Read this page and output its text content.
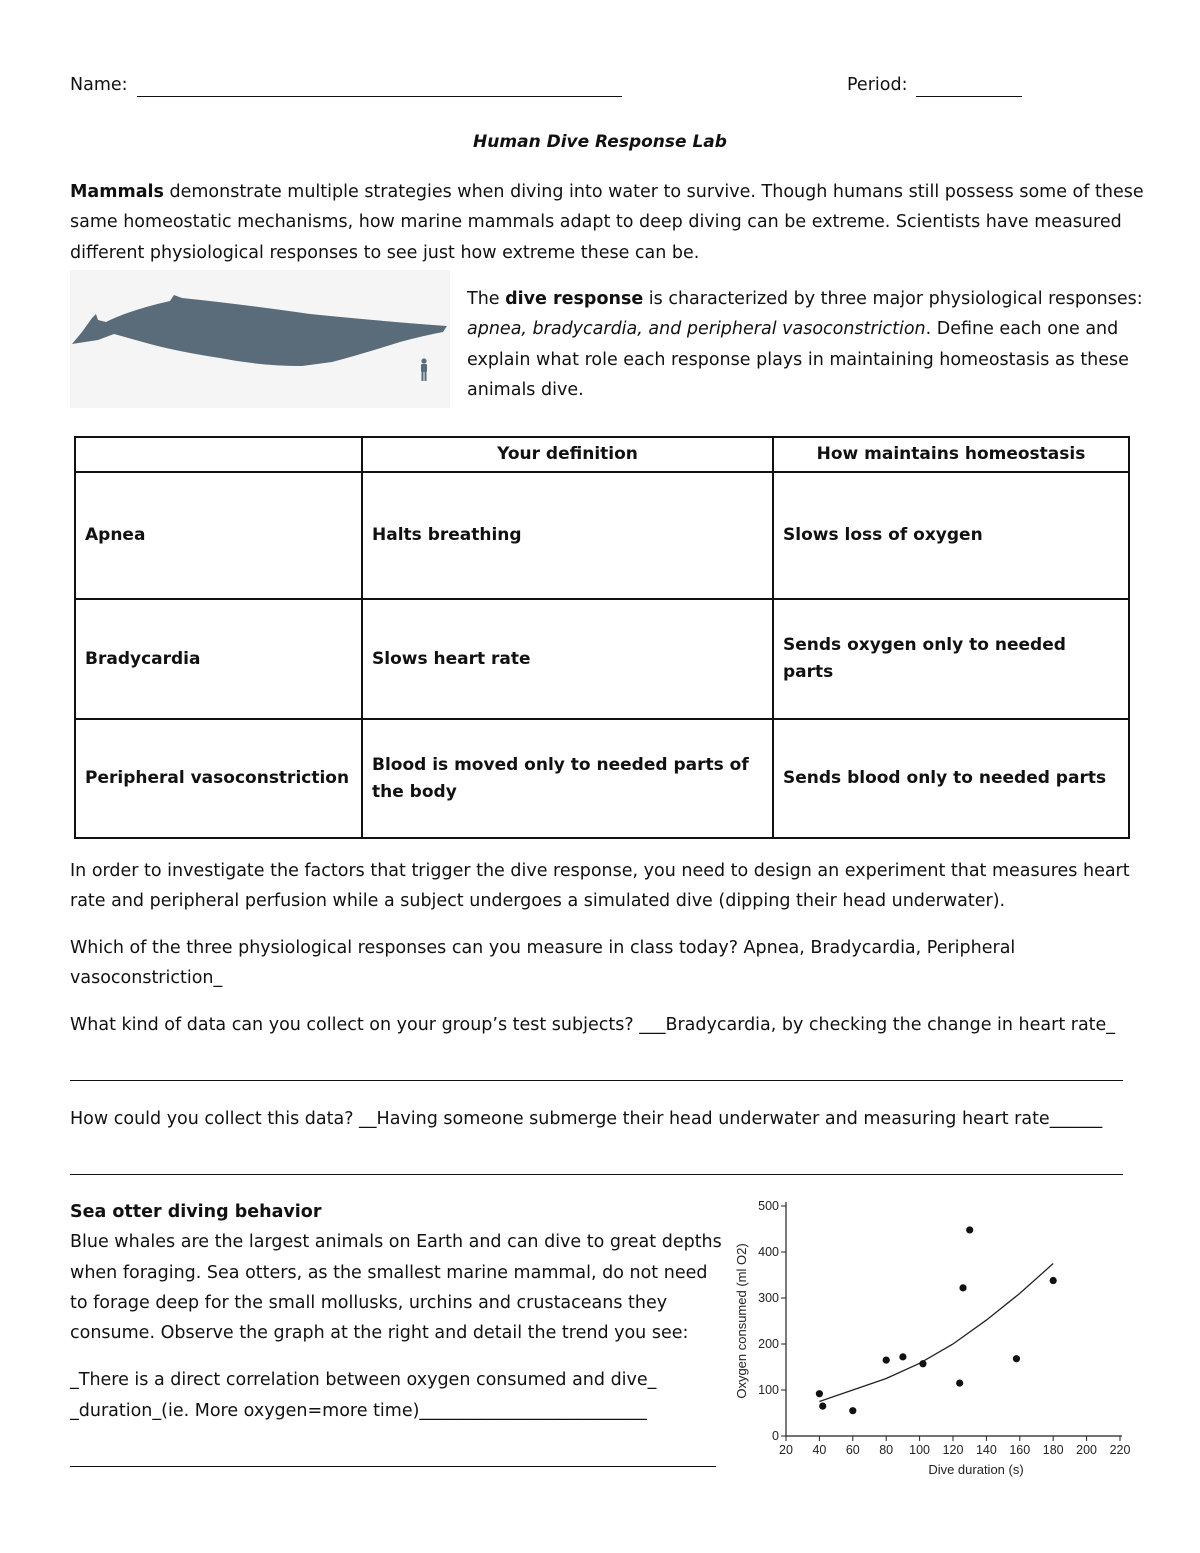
Name:	Period:
Human Dive Response Lab
Mammals demonstrate multiple strategies when diving into water to survive. Though humans still possess some of these
same homeostatic mechanisms, how marine mammals adapt to deep diving can be extreme. Scientists have measured
different physiological responses to see just how extreme these can be.
The dive response is characterized by three major physiological responses:
apnea, bradycardia, and peripheral vasoconstriction. Define each one and
explain what role each response plays in maintaining homeostasis as these
animals dive.
	Your definition	How maintains homeostasis
Apnea	Halts breathing	Slows loss of oxygen
Bradycardia	Slows heart rate	Sends oxygen only to needed parts
Peripheral vasoconstriction	Blood is moved only to needed parts of the body	Sends blood only to needed parts
In order to investigate the factors that trigger the dive response, you need to design an experiment that measures heart
rate and peripheral perfusion while a subject undergoes a simulated dive (dipping their head underwater).
Which of the three physiological responses can you measure in class today? Apnea, Bradycardia, Peripheral
vasoconstriction_
What kind of data can you collect on your group’s test subjects? ___Bradycardia, by checking the change in heart rate_
How could you collect this data? __Having someone submerge their head underwater and measuring heart rate______
Sea otter diving behavior
Blue whales are the largest animals on Earth and can dive to great depths
when foraging. Sea otters, as the smallest marine mammal, do not need
to forage deep for the small mollusks, urchins and crustaceans they
consume. Observe the graph at the right and detail the trend you see:
_There is a direct correlation between oxygen consumed and dive_
_duration_(ie. More oxygen=more time)__________________________
20 40 60 80 100 120 140 160 180 200 220
0
100
200
300
400
500
Dive duration (s)
Oxygen consumed (ml O2)
